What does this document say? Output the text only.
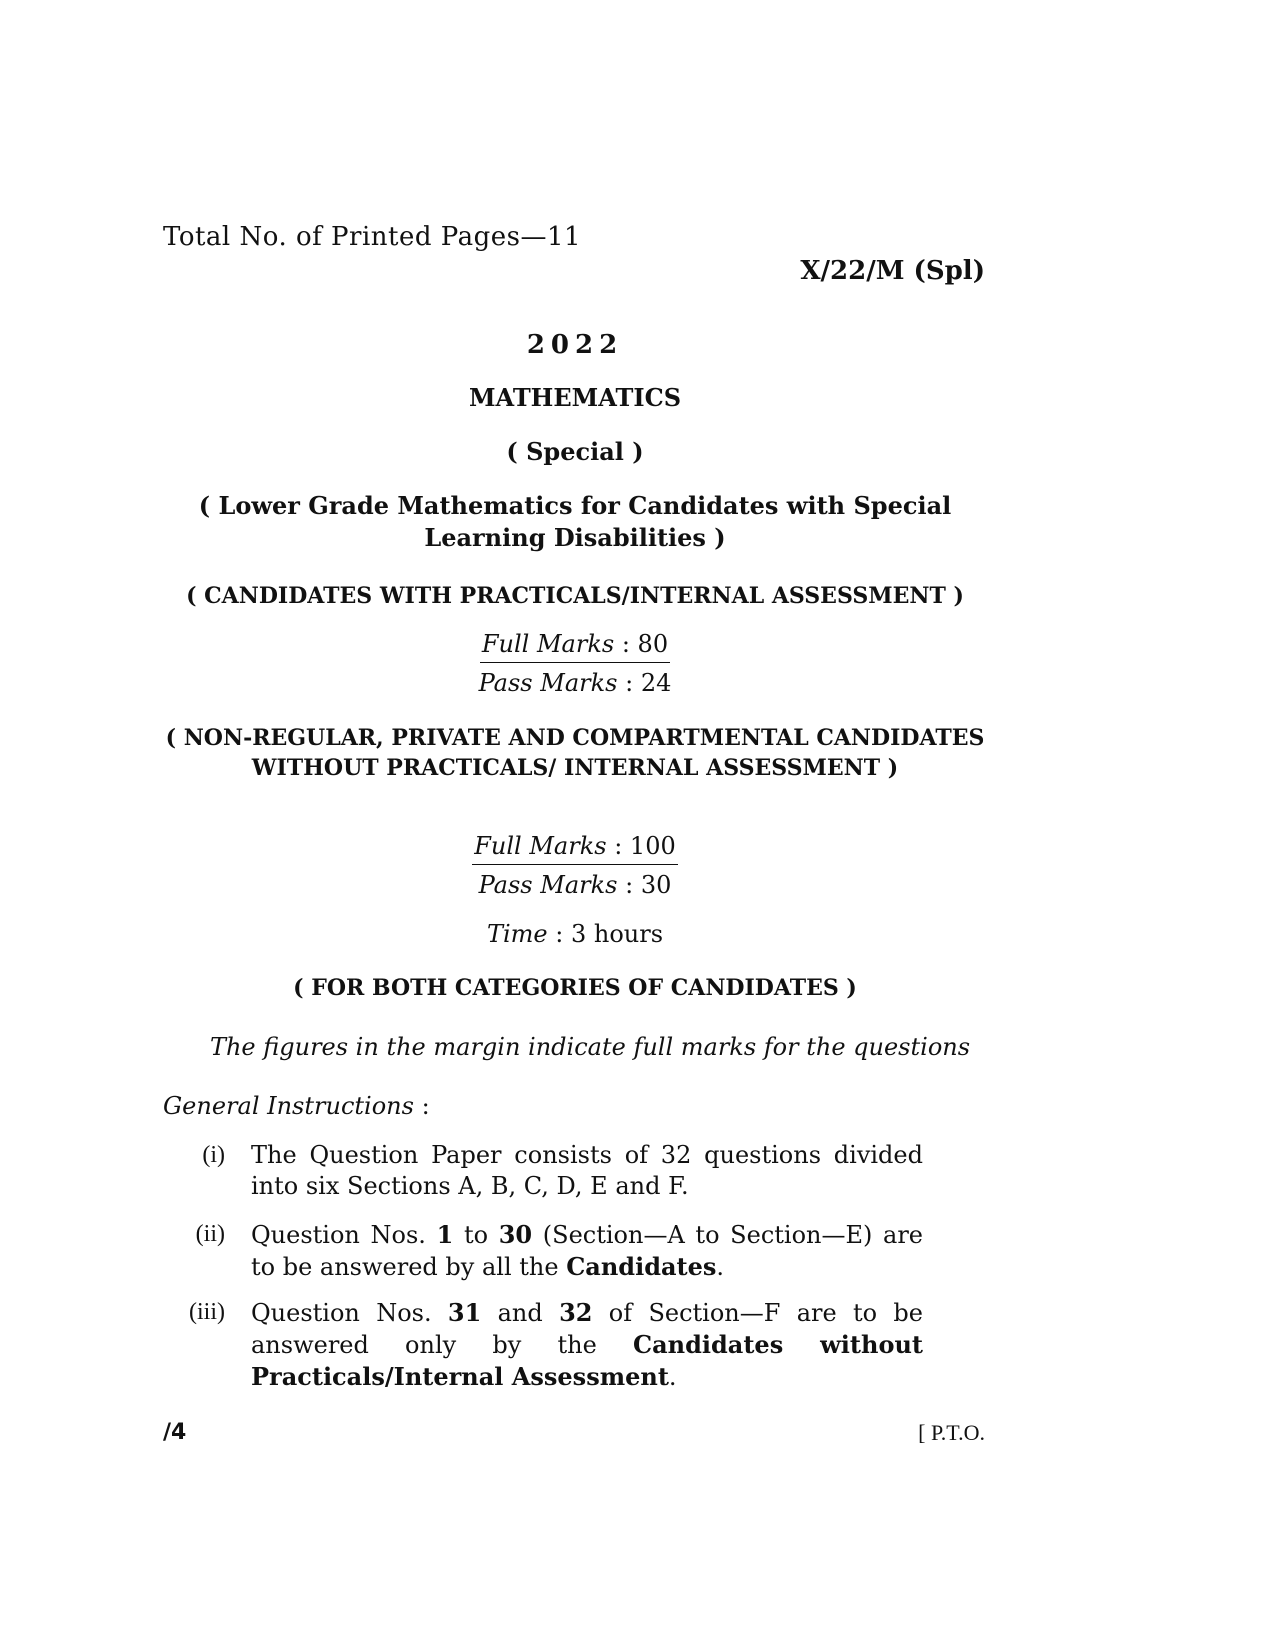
Total No. of Printed Pages—11
X/22/M (Spl)
2022
MATHEMATICS
( Special )
( Lower Grade Mathematics for Candidates with Special Learning Disabilities )
( CANDIDATES WITH PRACTICALS/INTERNAL ASSESSMENT )
Full Marks : 80
Pass Marks : 24
( NON-REGULAR, PRIVATE AND COMPARTMENTAL CANDIDATES WITHOUT PRACTICALS/ INTERNAL ASSESSMENT )
Full Marks : 100
Pass Marks : 30
Time : 3 hours
( FOR BOTH CATEGORIES OF CANDIDATES )
The figures in the margin indicate full marks for the questions
General Instructions :
(i) The Question Paper consists of 32 questions divided into six Sections A, B, C, D, E and F.
(ii) Question Nos. 1 to 30 (Section—A to Section—E) are to be answered by all the Candidates.
(iii) Question Nos. 31 and 32 of Section—F are to be answered only by the Candidates without Practicals/Internal Assessment.
/4	[ P.T.O.
